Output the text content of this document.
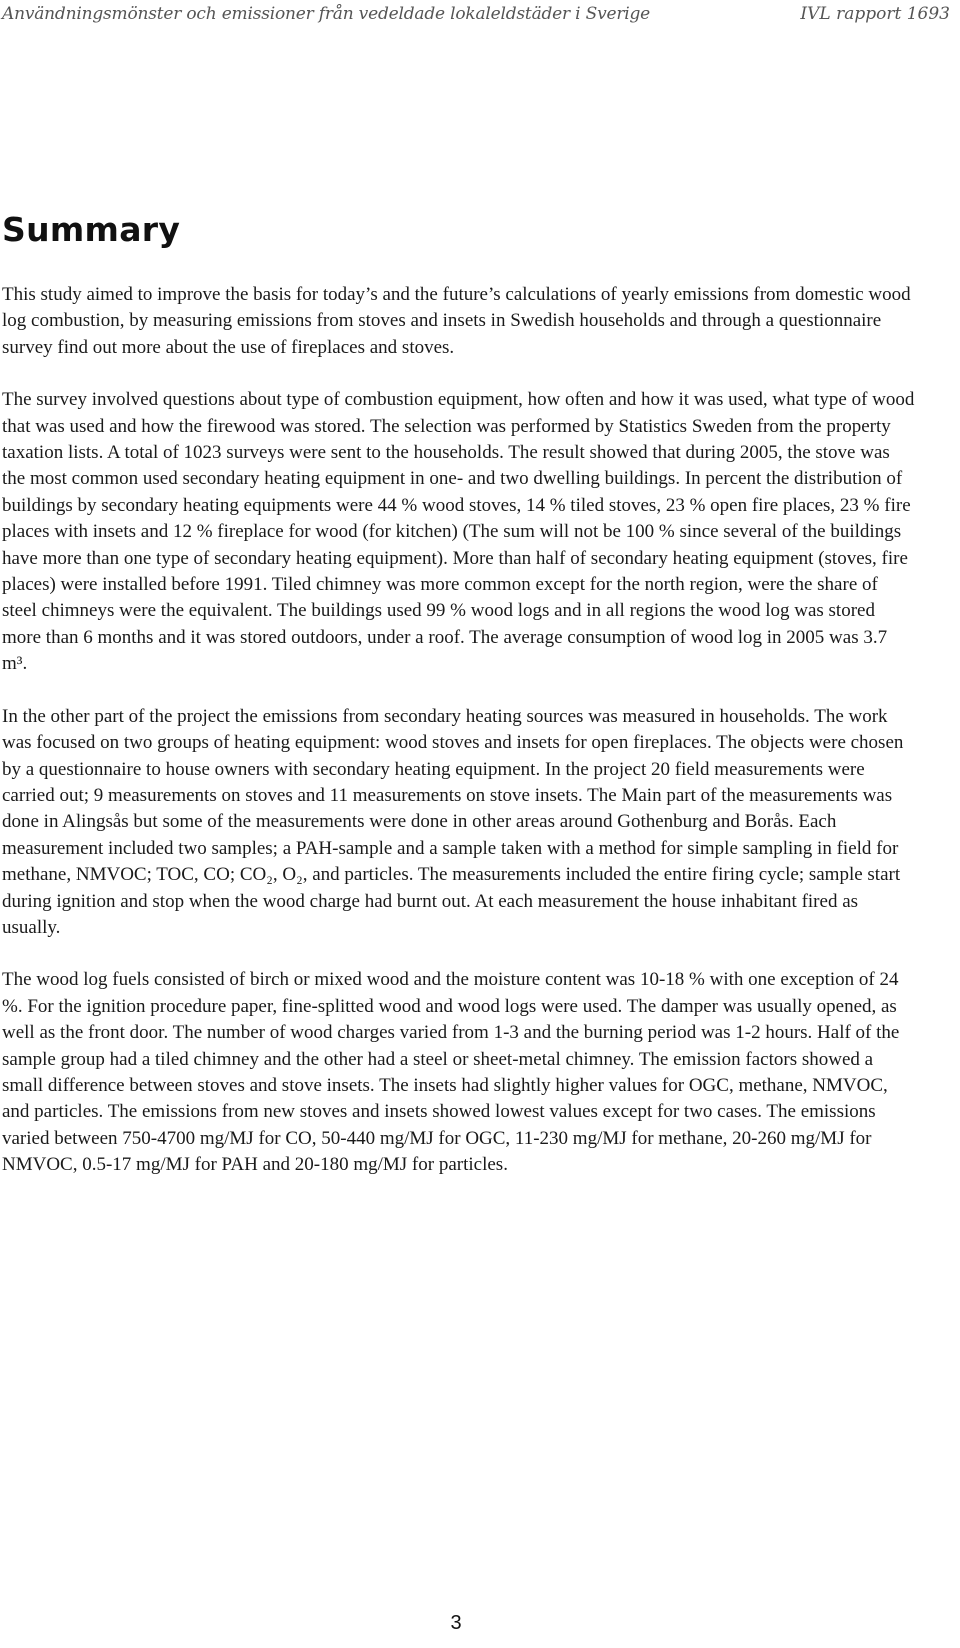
Användningsmönster och emissioner från vedeldade lokaleldstäder i Sverige	IVL rapport 1693
Summary

This study aimed to improve the basis for today’s and the future’s calculations of yearly emissions from domestic wood log combustion, by measuring emissions from stoves and insets in Swedish households and through a questionnaire survey find out more about the use of fireplaces and stoves.

The survey involved questions about type of combustion equipment, how often and how it was used, what type of wood that was used and how the firewood was stored. The selection was performed by Statistics Sweden from the property taxation lists. A total of 1023 surveys were sent to the households. The result showed that during 2005, the stove was the most common used secondary heating equipment in one- and two dwelling buildings. In percent the distribution of buildings by secondary heating equipments were 44 % wood stoves, 14 % tiled stoves, 23 % open fire places, 23 % fire places with insets and 12 % fireplace for wood (for kitchen) (The sum will not be 100 % since several of the buildings have more than one type of secondary heating equipment). More than half of secondary heating equipment (stoves, fire places) were installed before 1991. Tiled chimney was more common except for the north region, were the share of steel chimneys were the equivalent. The buildings used 99 % wood logs and in all regions the wood log was stored more than 6 months and it was stored outdoors, under a roof. The average consumption of wood log in 2005 was 3.7 m³.

In the other part of the project the emissions from secondary heating sources was measured in households. The work was focused on two groups of heating equipment: wood stoves and insets for open fireplaces. The objects were chosen by a questionnaire to house owners with secondary heating equipment. In the project 20 field measurements were carried out; 9 measurements on stoves and 11 measurements on stove insets. The Main part of the measurements was done in Alingsås but some of the measurements were done in other areas around Gothenburg and Borås. Each measurement included two samples; a PAH-sample and a sample taken with a method for simple sampling in field for methane, NMVOC; TOC, CO; CO₂, O₂, and particles. The measurements included the entire firing cycle; sample start during ignition and stop when the wood charge had burnt out. At each measurement the house inhabitant fired as usually.

The wood log fuels consisted of birch or mixed wood and the moisture content was 10-18 % with one exception of 24 %. For the ignition procedure paper, fine-splitted wood and wood logs were used. The damper was usually opened, as well as the front door. The number of wood charges varied from 1-3 and the burning period was 1-2 hours. Half of the sample group had a tiled chimney and the other had a steel or sheet-metal chimney. The emission factors showed a small difference between stoves and stove insets. The insets had slightly higher values for OGC, methane, NMVOC, and particles. The emissions from new stoves and insets showed lowest values except for two cases. The emissions varied between 750-4700 mg/MJ for CO, 50-440 mg/MJ for OGC, 11-230 mg/MJ for methane, 20-260 mg/MJ for NMVOC, 0.5-17 mg/MJ for PAH and 20-180 mg/MJ for particles.

3
